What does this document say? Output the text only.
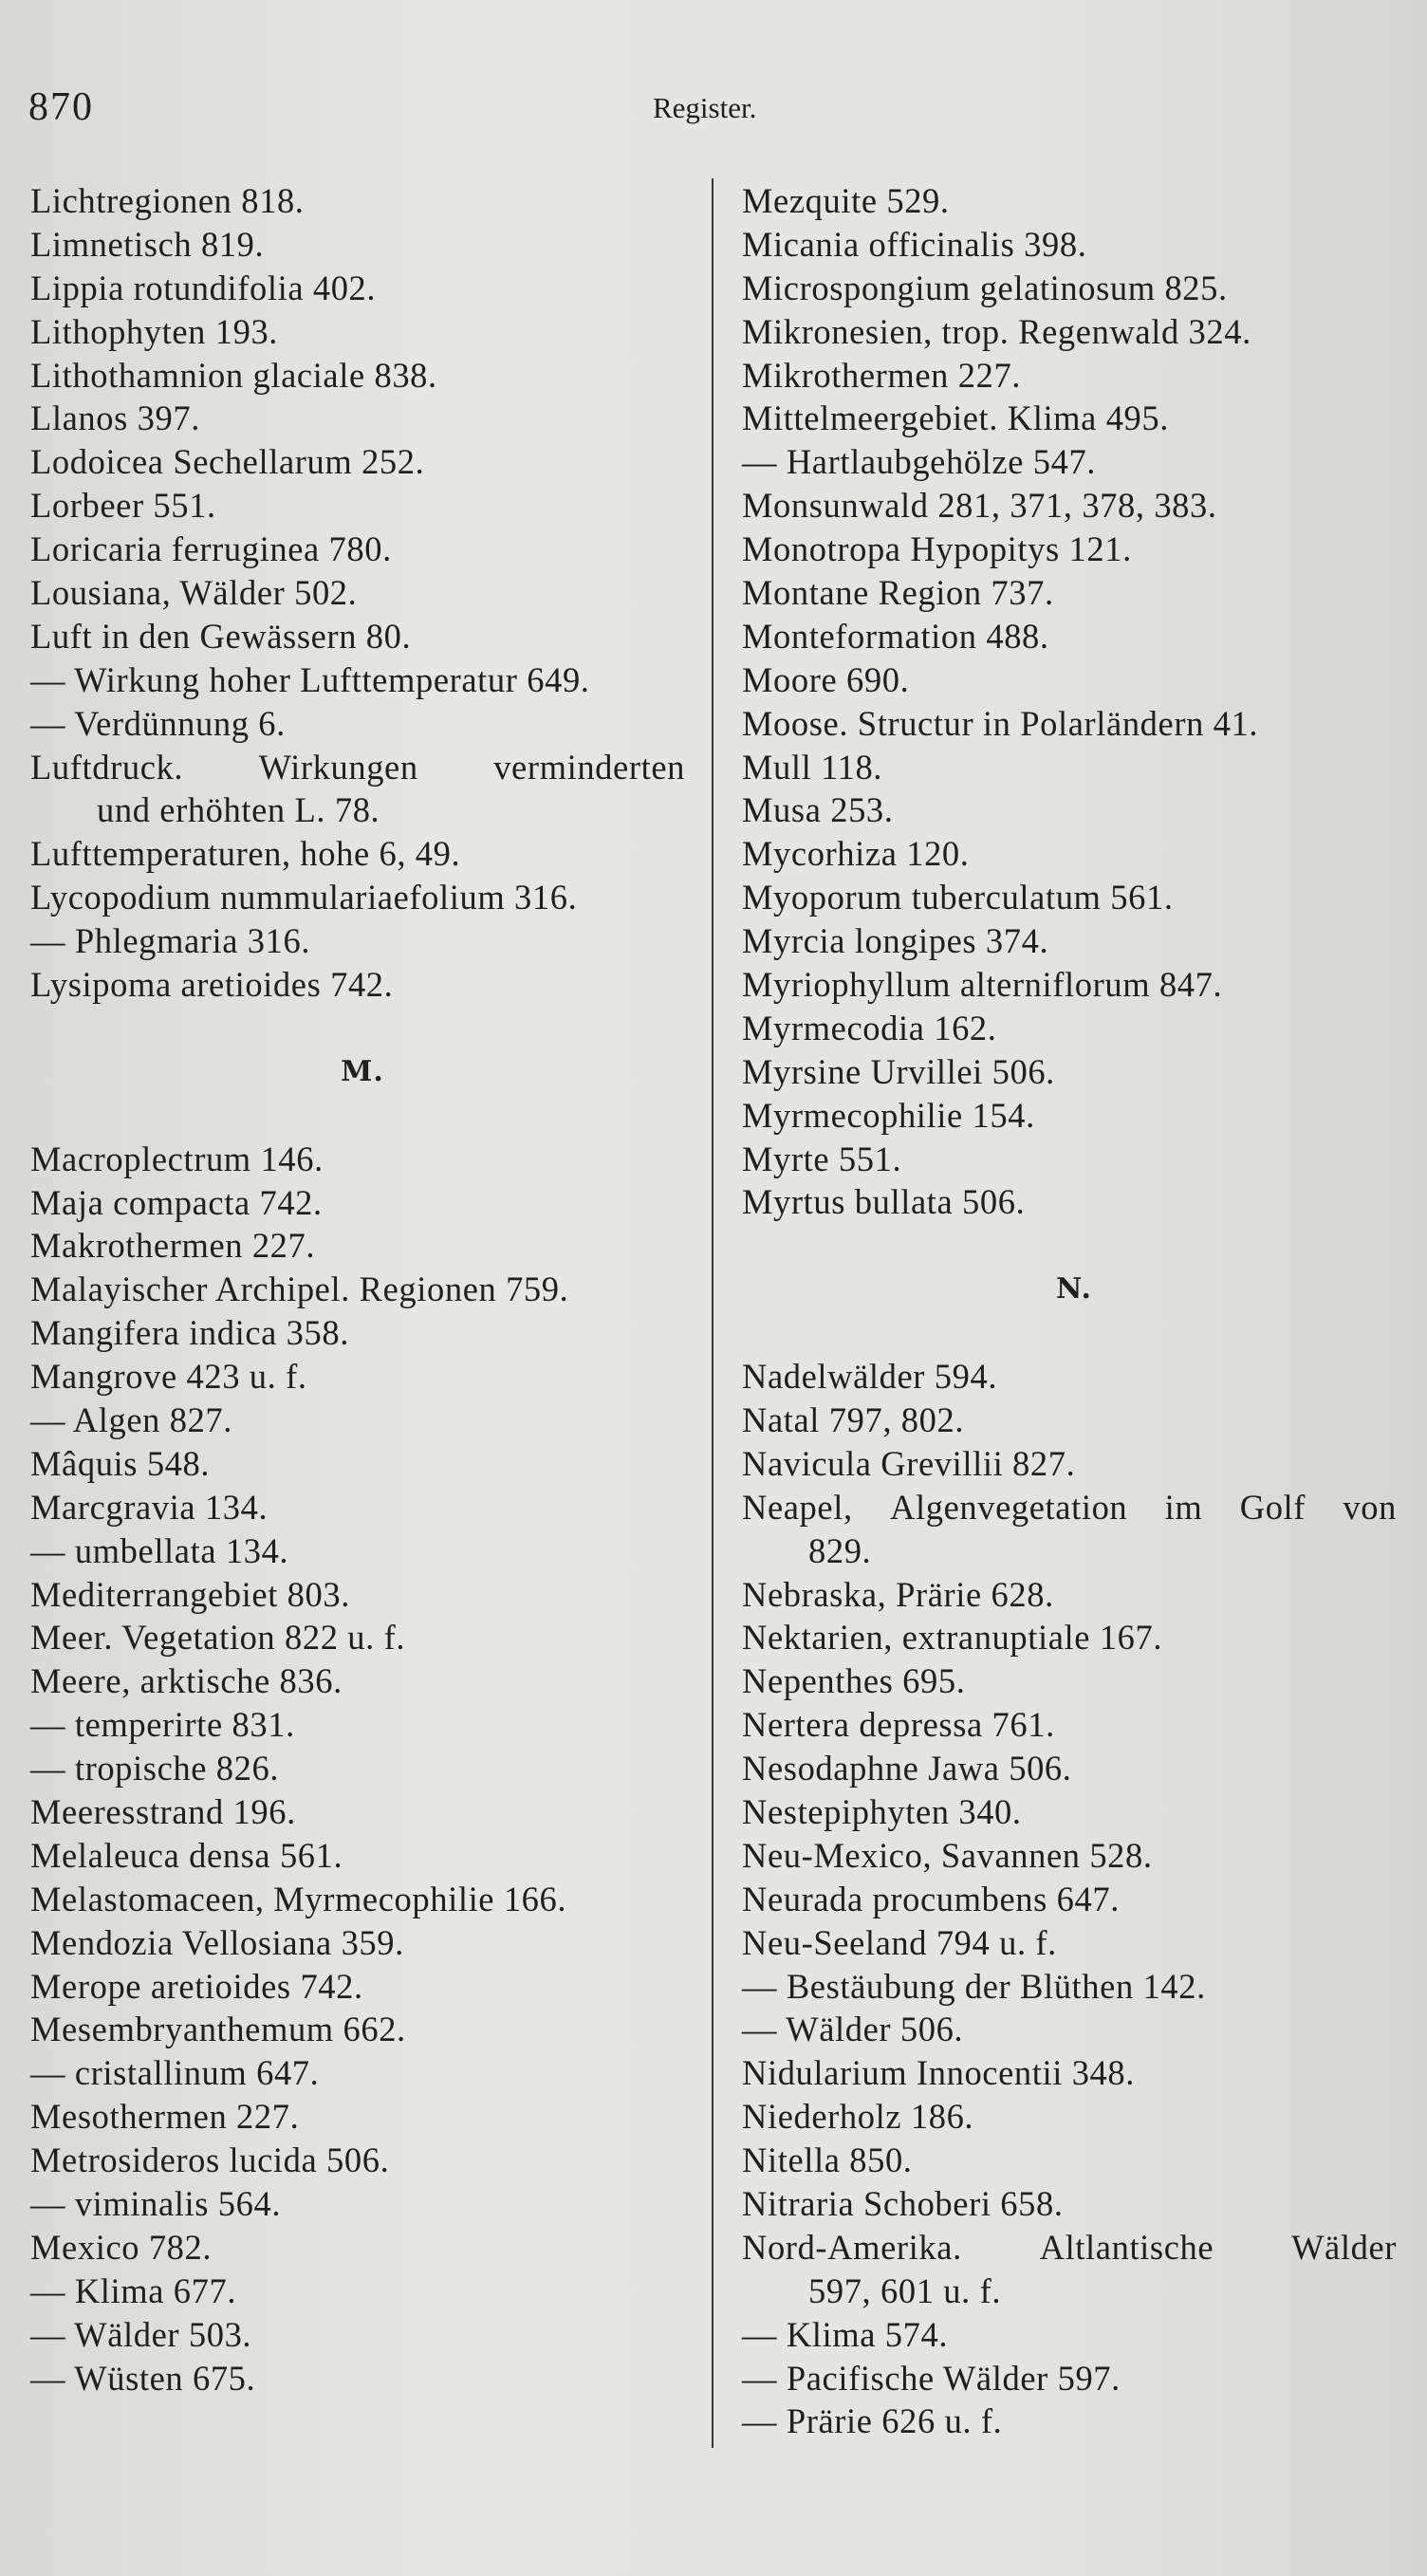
870	Register.
Lichtregionen 818.
Limnetisch 819.
Lippia rotundifolia 402.
Lithophyten 193.
Lithothamnion glaciale 838.
Llanos 397.
Lodoicea Sechellarum 252.
Lorbeer 551.
Loricaria ferruginea 780.
Lousiana, Wälder 502.
Luft in den Gewässern 80.
— Wirkung hoher Lufttemperatur 649.
— Verdünnung 6.
Luftdruck. Wirkungen verminderten
und erhöhten L. 78.
Lufttemperaturen, hohe 6, 49.
Lycopodium nummulariaefolium 316.
— Phlegmaria 316.
Lysipoma aretioides 742.
M.
Macroplectrum 146.
Maja compacta 742.
Makrothermen 227.
Malayischer Archipel. Regionen 759.
Mangifera indica 358.
Mangrove 423 u. f.
— Algen 827.
Mâquis 548.
Marcgravia 134.
— umbellata 134.
Mediterrangebiet 803.
Meer. Vegetation 822 u. f.
Meere, arktische 836.
— temperirte 831.
— tropische 826.
Meeresstrand 196.
Melaleuca densa 561.
Melastomaceen, Myrmecophilie 166.
Mendozia Vellosiana 359.
Merope aretioides 742.
Mesembryanthemum 662.
— cristallinum 647.
Mesothermen 227.
Metrosideros lucida 506.
— viminalis 564.
Mexico 782.
— Klima 677.
— Wälder 503.
— Wüsten 675.
Mezquite 529.
Micania officinalis 398.
Microspongium gelatinosum 825.
Mikronesien, trop. Regenwald 324.
Mikrothermen 227.
Mittelmeergebiet. Klima 495.
— Hartlaubgehölze 547.
Monsunwald 281, 371, 378, 383.
Monotropa Hypopitys 121.
Montane Region 737.
Monteformation 488.
Moore 690.
Moose. Structur in Polarländern 41.
Mull 118.
Musa 253.
Mycorhiza 120.
Myoporum tuberculatum 561.
Myrcia longipes 374.
Myriophyllum alterniflorum 847.
Myrmecodia 162.
Myrsine Urvillei 506.
Myrmecophilie 154.
Myrte 551.
Myrtus bullata 506.
N.
Nadelwälder 594.
Natal 797, 802.
Navicula Grevillii 827.
Neapel, Algenvegetation im Golf von
829.
Nebraska, Prärie 628.
Nektarien, extranuptiale 167.
Nepenthes 695.
Nertera depressa 761.
Nesodaphne Jawa 506.
Nestepiphyten 340.
Neu-Mexico, Savannen 528.
Neurada procumbens 647.
Neu-Seeland 794 u. f.
— Bestäubung der Blüthen 142.
— Wälder 506.
Nidularium Innocentii 348.
Niederholz 186.
Nitella 850.
Nitraria Schoberi 658.
Nord-Amerika. Altlantische Wälder
597, 601 u. f.
— Klima 574.
— Pacifische Wälder 597.
— Prärie 626 u. f.
